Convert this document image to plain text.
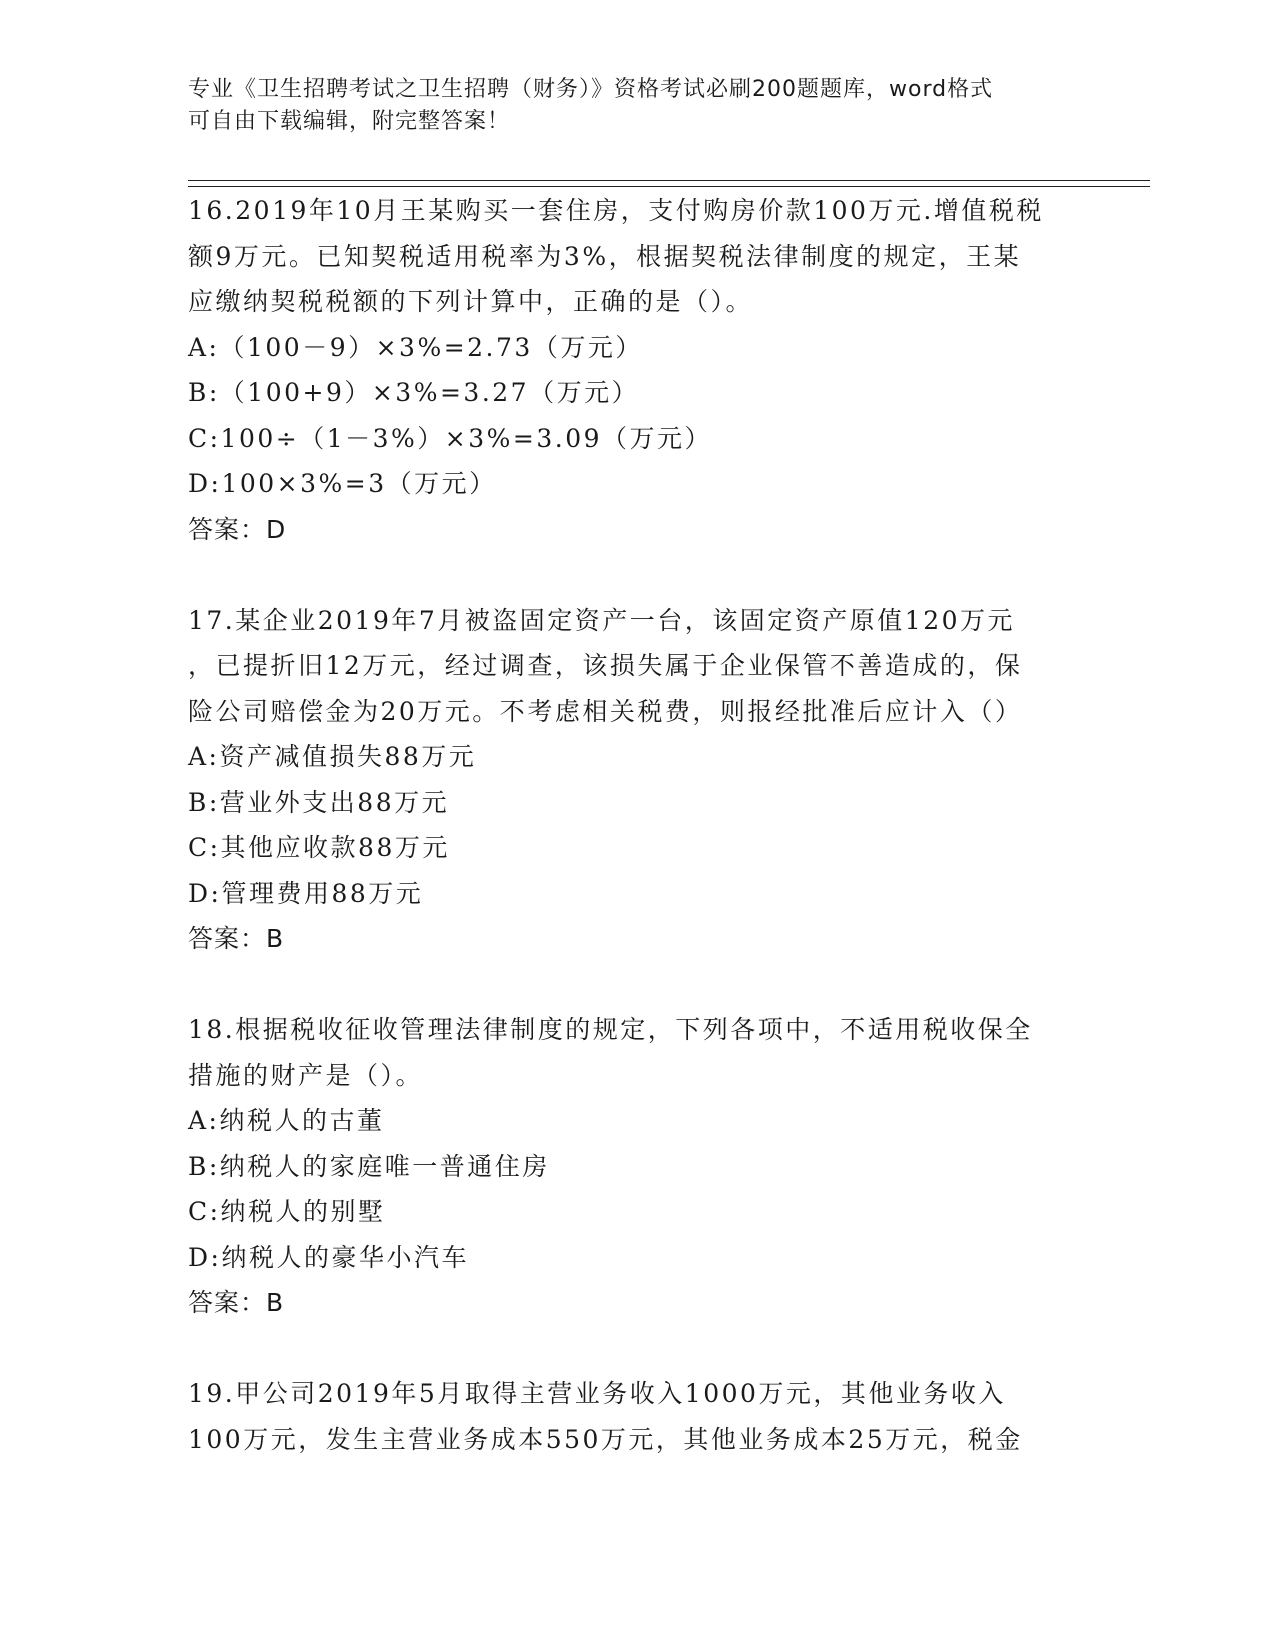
专业《卫生招聘考试之卫生招聘（财务）》资格考试必刷200题题库，word格式
可自由下载编辑，附完整答案！
16.2019年10月王某购买一套住房，支付购房价款100万元.增值税税
额9万元。已知契税适用税率为3%，根据契税法律制度的规定，王某
应缴纳契税税额的下列计算中，正确的是（）。
A:（100－9）×3%=2.73（万元）
B:（100+9）×3%=3.27（万元）
C:100÷（1－3%）×3%=3.09（万元）
D:100×3%=3（万元）
答案：D
17.某企业2019年7月被盗固定资产一台，该固定资产原值120万元
，已提折旧12万元，经过调查，该损失属于企业保管不善造成的，保
险公司赔偿金为20万元。不考虑相关税费，则报经批准后应计入（）
A:资产减值损失88万元
B:营业外支出88万元
C:其他应收款88万元
D:管理费用88万元
答案：B
18.根据税收征收管理法律制度的规定，下列各项中，不适用税收保全
措施的财产是（）。
A:纳税人的古董
B:纳税人的家庭唯一普通住房
C:纳税人的别墅
D:纳税人的豪华小汽车
答案：B
19.甲公司2019年5月取得主营业务收入1000万元，其他业务收入
100万元，发生主营业务成本550万元，其他业务成本25万元，税金
